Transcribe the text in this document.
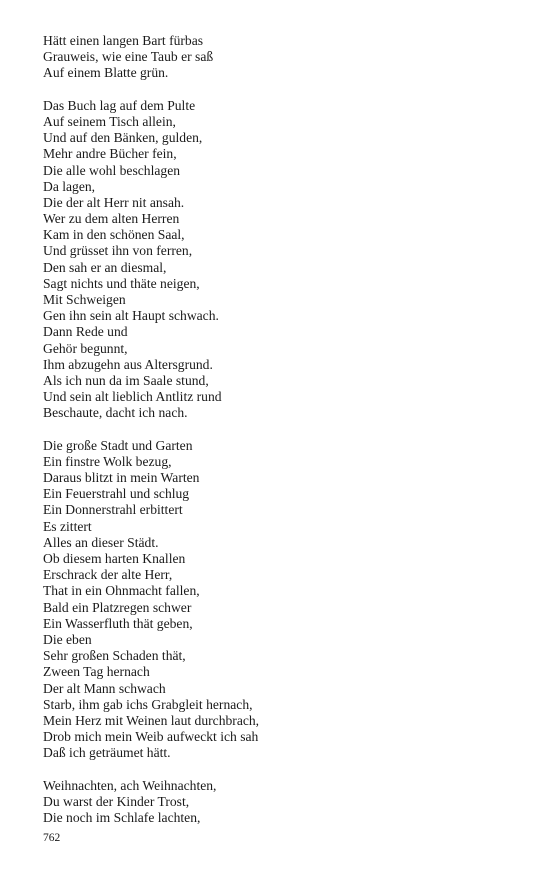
Hätt einen langen Bart fürbas
Grauweis, wie eine Taub er saß
Auf einem Blatte grün.
Das Buch lag auf dem Pulte
Auf seinem Tisch allein,
Und auf den Bänken, gulden,
Mehr andre Bücher fein,
Die alle wohl beschlagen
Da lagen,
Die der alt Herr nit ansah.
Wer zu dem alten Herren
Kam in den schönen Saal,
Und grüsset ihn von ferren,
Den sah er an diesmal,
Sagt nichts und thäte neigen,
Mit Schweigen
Gen ihn sein alt Haupt schwach.
Dann Rede und
Gehör begunnt,
Ihm abzugehn aus Altersgrund.
Als ich nun da im Saale stund,
Und sein alt lieblich Antlitz rund
Beschaute, dacht ich nach.
Die große Stadt und Garten
Ein finstre Wolk bezug,
Daraus blitzt in mein Warten
Ein Feuerstrahl und schlug
Ein Donnerstrahl erbittert
Es zittert
Alles an dieser Städt.
Ob diesem harten Knallen
Erschrack der alte Herr,
That in ein Ohnmacht fallen,
Bald ein Platzregen schwer
Ein Wasserfluth thät geben,
Die eben
Sehr großen Schaden thät,
Zween Tag hernach
Der alt Mann schwach
Starb, ihm gab ichs Grabgleit hernach,
Mein Herz mit Weinen laut durchbrach,
Drob mich mein Weib aufweckt ich sah
Daß ich geträumet hätt.
Weihnachten, ach Weihnachten,
Du warst der Kinder Trost,
Die noch im Schlafe lachten,
762
